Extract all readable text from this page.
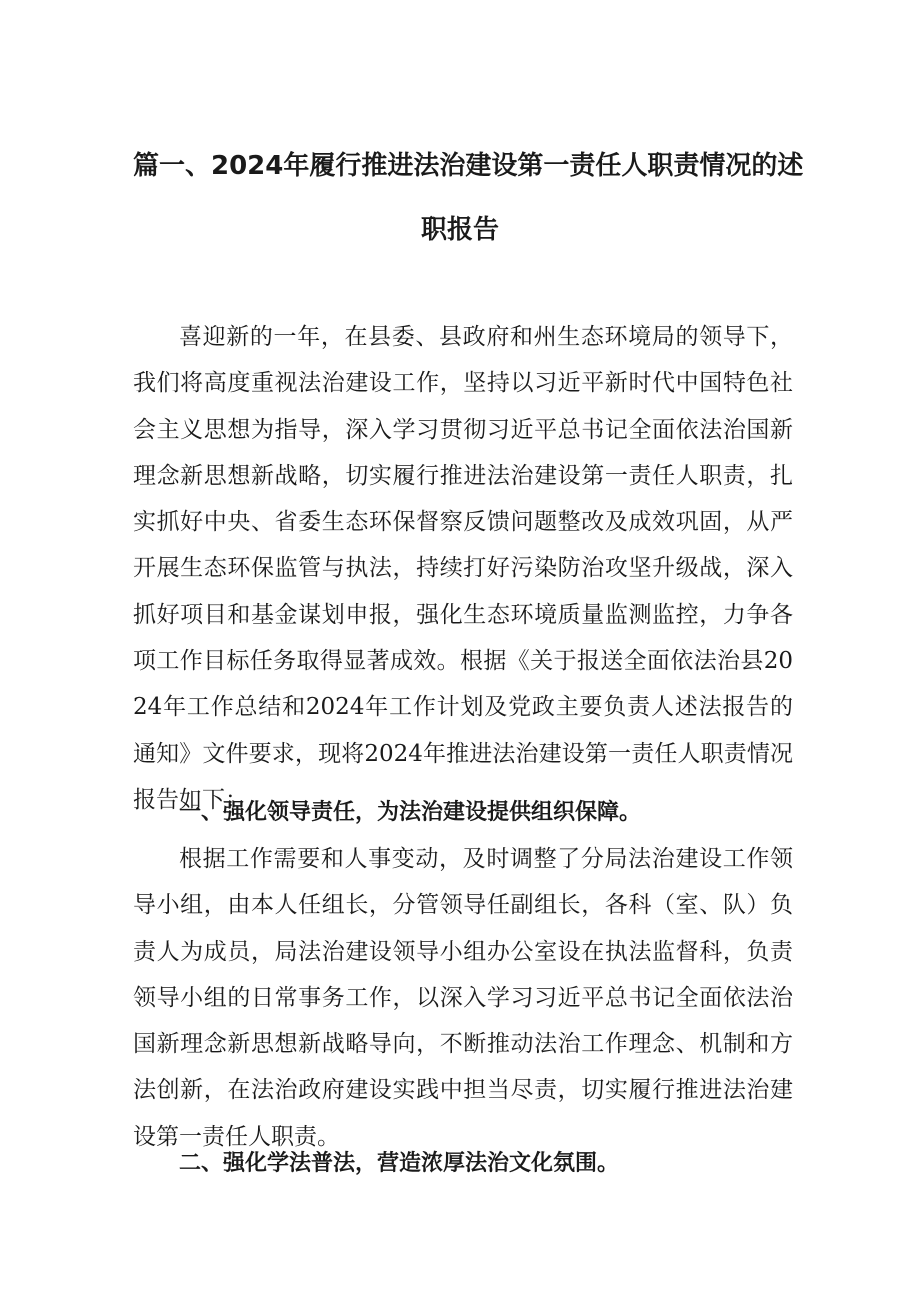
篇一、2024年履行推进法治建设第一责任人职责情况的述
职报告
喜迎新的一年，在县委、县政府和州生态环境局的领导下，我们将高度重视法治建设工作，坚持以习近平新时代中国特色社会主义思想为指导，深入学习贯彻习近平总书记全面依法治国新理念新思想新战略，切实履行推进法治建设第一责任人职责，扎实抓好中央、省委生态环保督察反馈问题整改及成效巩固，从严开展生态环保监管与执法，持续打好污染防治攻坚升级战，深入抓好项目和基金谋划申报，强化生态环境质量监测监控，力争各项工作目标任务取得显著成效。根据《关于报送全面依法治县2024年工作总结和2024年工作计划及党政主要负责人述法报告的通知》文件要求，现将2024年推进法治建设第一责任人职责情况报告如下：
一、强化领导责任，为法治建设提供组织保障。
根据工作需要和人事变动，及时调整了分局法治建设工作领导小组，由本人任组长，分管领导任副组长，各科（室、队）负责人为成员，局法治建设领导小组办公室设在执法监督科，负责领导小组的日常事务工作，以深入学习习近平总书记全面依法治国新理念新思想新战略导向，不断推动法治工作理念、机制和方法创新，在法治政府建设实践中担当尽责，切实履行推进法治建设第一责任人职责。
二、强化学法普法，营造浓厚法治文化氛围。
